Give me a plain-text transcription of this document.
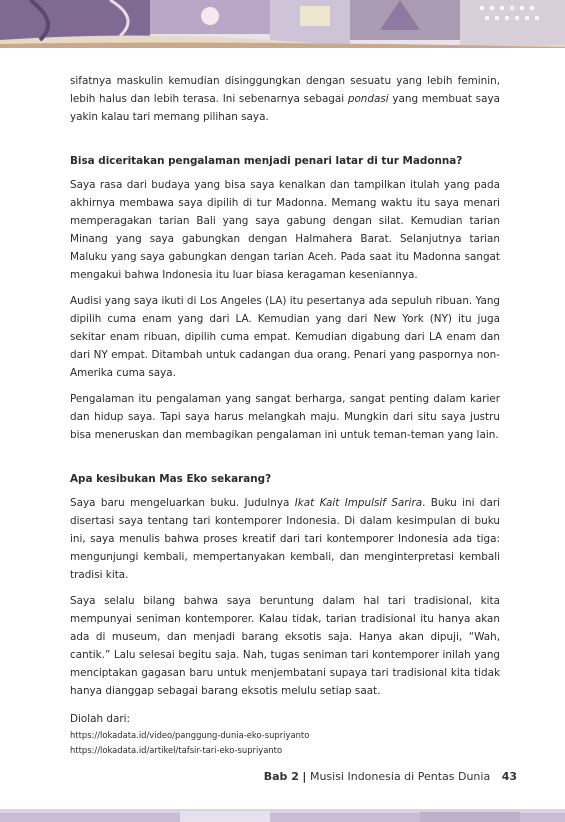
sifatnya maskulin kemudian disinggungkan dengan sesuatu yang lebih feminin, lebih halus dan lebih terasa. Ini sebenarnya sebagai pondasi yang membuat saya yakin kalau tari memang pilihan saya.

Bisa diceritakan pengalaman menjadi penari latar di tur Madonna?

Saya rasa dari budaya yang bisa saya kenalkan dan tampilkan itulah yang pada akhirnya membawa saya dipilih di tur Madonna. Memang waktu itu saya menari memperagakan tarian Bali yang saya gabung dengan silat. Kemudian tarian Minang yang saya gabungkan dengan Halmahera Barat. Selanjutnya tarian Maluku yang saya gabungkan dengan tarian Aceh. Pada saat itu Madonna sangat mengakui bahwa Indonesia itu luar biasa keragaman keseniannya.

Audisi yang saya ikuti di Los Angeles (LA) itu pesertanya ada sepuluh ribuan. Yang dipilih cuma enam yang dari LA. Kemudian yang dari New York (NY) itu juga sekitar enam ribuan, dipilih cuma empat. Kemudian digabung dari LA enam dan dari NY empat. Ditambah untuk cadangan dua orang. Penari yang paspornya non-Amerika cuma saya.

Pengalaman itu pengalaman yang sangat berharga, sangat penting dalam karier dan hidup saya. Tapi saya harus melangkah maju. Mungkin dari situ saya justru bisa meneruskan dan membagikan pengalaman ini untuk teman-teman yang lain.

Apa kesibukan Mas Eko sekarang?

Saya baru mengeluarkan buku. Judulnya Ikat Kait Impulsif Sarira. Buku ini dari disertasi saya tentang tari kontemporer Indonesia. Di dalam kesimpulan di buku ini, saya menulis bahwa proses kreatif dari tari kontemporer Indonesia ada tiga: mengunjungi kembali, mempertanyakan kembali, dan menginterpretasi kembali tradisi kita.

Saya selalu bilang bahwa saya beruntung dalam hal tari tradisional, kita mempunyai seniman kontemporer. Kalau tidak, tarian tradisional itu hanya akan ada di museum, dan menjadi barang eksotis saja. Hanya akan dipuji, “Wah, cantik.” Lalu selesai begitu saja. Nah, tugas seniman tari kontemporer inilah yang menciptakan gagasan baru untuk menjembatani supaya tari tradisional kita tidak hanya dianggap sebagai barang eksotis melulu setiap saat.

Diolah dari:

https://lokadata.id/video/panggung-dunia-eko-supriyanto

https://lokadata.id/artikel/tafsir-tari-eko-supriyanto

Bab 2 | Musisi Indonesia di Pentas Dunia 43
